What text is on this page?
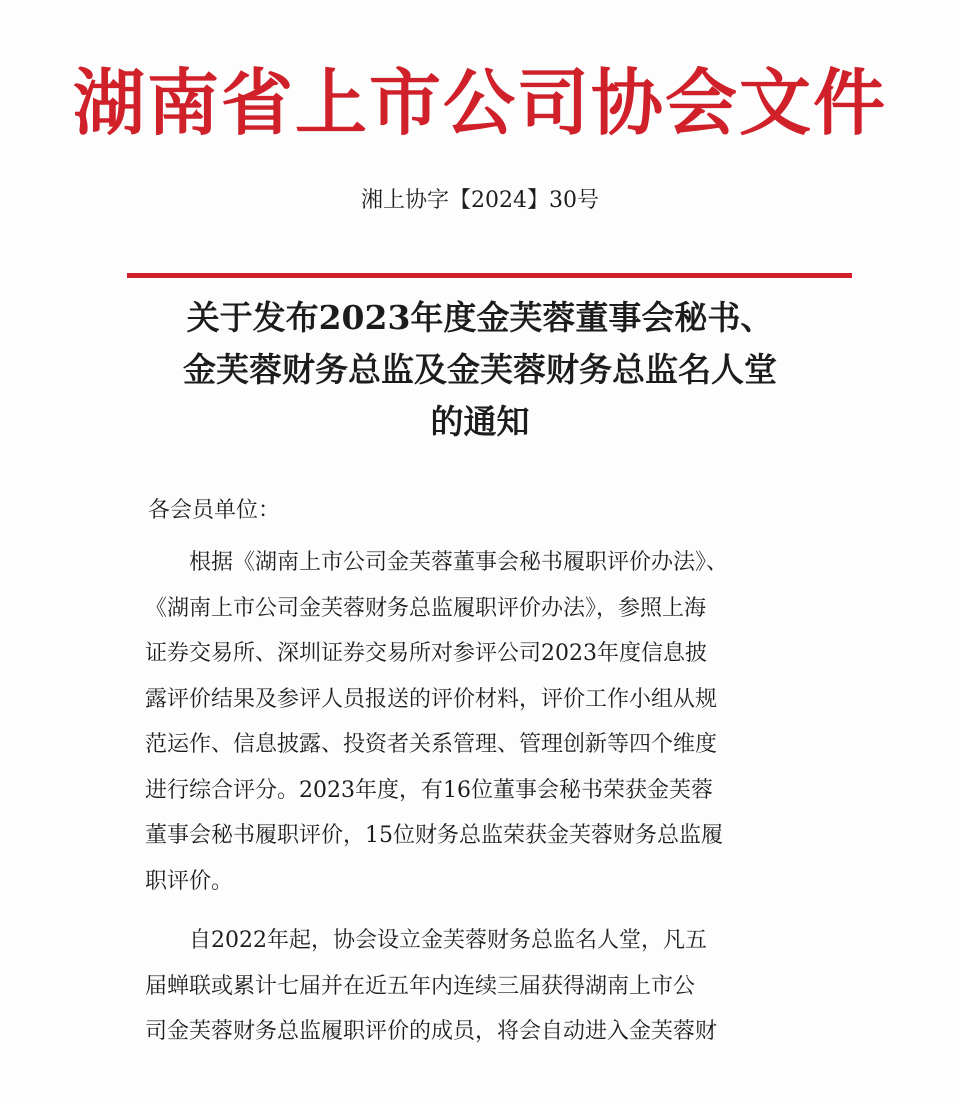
湖南省上市公司协会文件
湘上协字【2024】30号
关于发布2023年度金芙蓉董事会秘书、
金芙蓉财务总监及金芙蓉财务总监名人堂
的通知
各会员单位：
　　根据《湖南上市公司金芙蓉董事会秘书履职评价办法》、
《湖南上市公司金芙蓉财务总监履职评价办法》，参照上海
证券交易所、深圳证券交易所对参评公司2023年度信息披
露评价结果及参评人员报送的评价材料，评价工作小组从规
范运作、信息披露、投资者关系管理、管理创新等四个维度
进行综合评分。2023年度，有16位董事会秘书荣获金芙蓉
董事会秘书履职评价，15位财务总监荣获金芙蓉财务总监履
职评价。
　　自2022年起，协会设立金芙蓉财务总监名人堂，凡五
届蝉联或累计七届并在近五年内连续三届获得湖南上市公
司金芙蓉财务总监履职评价的成员，将会自动进入金芙蓉财
